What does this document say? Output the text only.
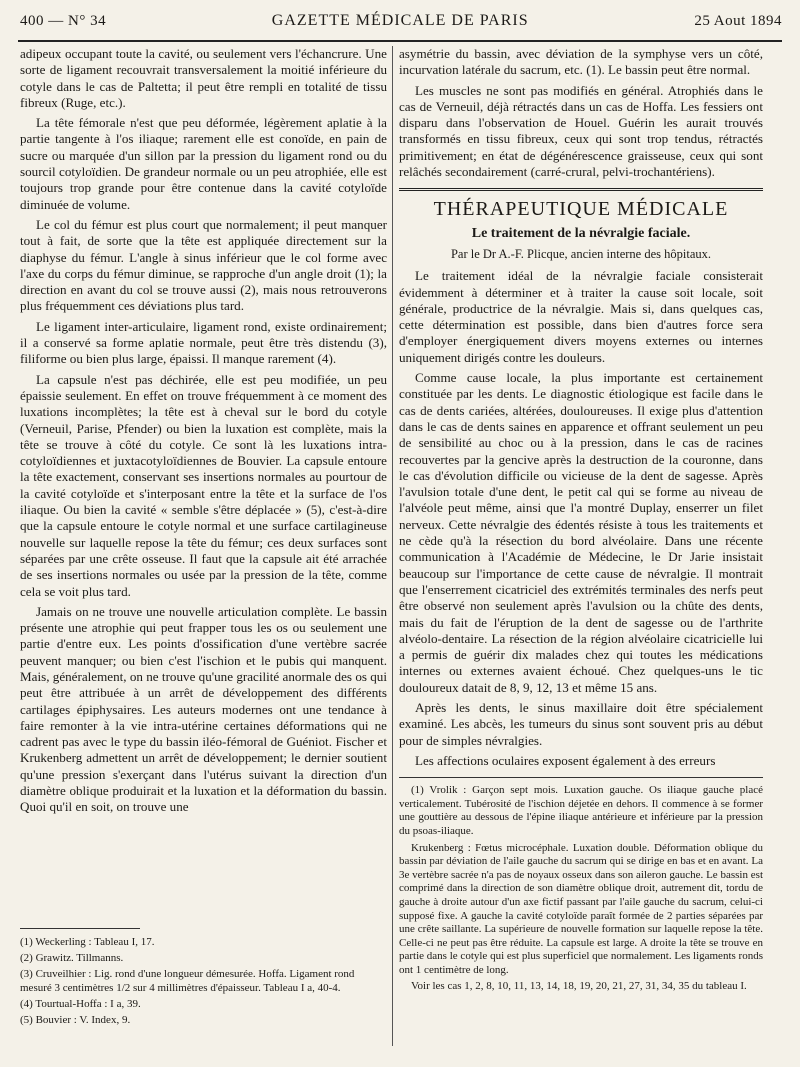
400 — N° 34	GAZETTE MÉDICALE DE PARIS	25 Aout 1894

adipeux occupant toute la cavité, ou seulement vers l'échancrure. Une sorte de ligament recouvrait transversalement la moitié inférieure du cotyle dans le cas de Paltetta; il peut être rempli en totalité de tissu fibreux (Ruge, etc.).

La tête fémorale n'est que peu déformée, légèrement aplatie à la partie tangente à l'os iliaque; rarement elle est conoïde, en pain de sucre ou marquée d'un sillon par la pression du ligament rond ou du sourcil cotyloïdien. De grandeur normale ou un peu atrophiée, elle est toujours trop grande pour être contenue dans la cavité cotyloïde diminuée de volume.

Le col du fémur est plus court que normalement; il peut manquer tout à fait, de sorte que la tête est appliquée directement sur la diaphyse du fémur. L'angle à sinus inférieur que le col forme avec l'axe du corps du fémur diminue, se rapproche d'un angle droit (1); la direction en avant du col se trouve aussi (2), mais nous retrouverons plus fréquemment ces déviations plus tard.

Le ligament inter-articulaire, ligament rond, existe ordinairement; il a conservé sa forme aplatie normale, peut être très distendu (3), filiforme ou bien plus large, épaissi. Il manque rarement (4).

La capsule n'est pas déchirée, elle est peu modifiée, un peu épaissie seulement. En effet on trouve fréquemment à ce moment des luxations incomplètes; la tête est à cheval sur le bord du cotyle (Verneuil, Parise, Pfender) ou bien la luxation est complète, mais la tête se trouve à côté du cotyle. Ce sont là les luxations intra-cotyloïdiennes et juxtacotyloïdiennes de Bouvier. La capsule entoure la tête exactement, conservant ses insertions normales au pourtour de la cavité cotyloïde et s'interposant entre la tête et la surface de l'os iliaque. Ou bien la cavité « semble s'être déplacée » (5), c'est-à-dire que la capsule entoure le cotyle normal et une surface cartilagineuse nouvelle sur laquelle repose la tête du fémur; ces deux surfaces sont séparées par une crête osseuse. Il faut que la capsule ait été arrachée de ses insertions normales ou usée par la pression de la tête, comme cela se voit plus tard.

Jamais on ne trouve une nouvelle articulation complète. Le bassin présente une atrophie qui peut frapper tous les os ou seulement une partie d'entre eux. Les points d'ossification d'une vertèbre sacrée peuvent manquer; ou bien c'est l'ischion et le pubis qui manquent. Mais, généralement, on ne trouve qu'une gracilité anormale des os qui peut être attribuée à un arrêt de développement des différents cartilages épiphysaires. Les auteurs modernes ont une tendance à faire remonter à la vie intra-utérine certaines déformations qui ne cadrent pas avec le type du bassin iléo-fémoral de Guéniot. Fischer et Krukenberg admettent un arrêt de développement; le dernier soutient qu'une pression s'exerçant dans l'utérus suivant la direction d'un diamètre oblique produirait et la luxation et la déformation du bassin. Quoi qu'il en soit, on trouve une

(1) Weckerling : Tableau I, 17.
(2) Grawitz. Tillmanns.
(3) Cruveilhier : Lig. rond d'une longueur démesurée. Hoffa. Ligament rond mesuré 3 centimètres 1/2 sur 4 millimètres d'épaisseur. Tableau I a, 40-4.
(4) Tourtual-Hoffa : I a, 39.
(5) Bouvier : V. Index, 9.

asymétrie du bassin, avec déviation de la symphyse vers un côté, incurvation latérale du sacrum, etc. (1). Le bassin peut être normal.

Les muscles ne sont pas modifiés en général. Atrophiés dans le cas de Verneuil, déjà rétractés dans un cas de Hoffa. Les fessiers ont disparu dans l'observation de Houel. Guérin les aurait trouvés transformés en tissu fibreux, ceux qui sont trop tendus, rétractés primitivement; en état de dégénérescence graisseuse, ceux qui sont relâchés secondairement (carré-crural, pelvi-trochantériens).

THÉRAPEUTIQUE MÉDICALE
Le traitement de la névralgie faciale.
Par le Dr A.-F. Plicque, ancien interne des hôpitaux.

Le traitement idéal de la névralgie faciale consisterait évidemment à déterminer et à traiter la cause soit locale, soit générale, productrice de la névralgie. Mais si, dans quelques cas, cette détermination est possible, dans bien d'autres force sera d'employer énergiquement divers moyens externes ou internes uniquement dirigés contre les douleurs.

Comme cause locale, la plus importante est certainement constituée par les dents. Le diagnostic étiologique est facile dans le cas de dents cariées, altérées, douloureuses. Il exige plus d'attention dans le cas de dents saines en apparence et offrant seulement un peu de sensibilité au choc ou à la pression, dans le cas de racines recouvertes par la gencive après la destruction de la couronne, dans le cas d'évolution difficile ou vicieuse de la dent de sagesse. Après l'avulsion totale d'une dent, le petit cal qui se forme au niveau de l'alvéole peut même, ainsi que l'a montré Duplay, enserrer un filet nerveux. Cette névralgie des édentés résiste à tous les traitements et ne cède qu'à la résection du bord alvéolaire. Dans une récente communication à l'Académie de Médecine, le Dr Jarie insistait beaucoup sur l'importance de cette cause de névralgie. Il montrait que l'enserrement cicatriciel des extrémités terminales des nerfs peut être observé non seulement après l'avulsion ou la chûte des dents, mais du fait de l'éruption de la dent de sagesse ou de l'arthrite alvéolo-dentaire. La résection de la région alvéolaire cicatricielle lui a permis de guérir dix malades chez qui toutes les médications internes ou externes avaient échoué. Chez quelques-uns le tic douloureux datait de 8, 9, 12, 13 et même 15 ans.

Après les dents, le sinus maxillaire doit être spécialement examiné. Les abcès, les tumeurs du sinus sont souvent pris au début pour de simples névralgies.

Les affections oculaires exposent également à des erreurs

(1) Vrolik : Garçon sept mois. Luxation gauche. Os iliaque gauche placé verticalement. Tubérosité de l'ischion déjetée en dehors. Il commence à se former une gouttière au dessous de l'épine iliaque antérieure et inférieure par la pression du psoas-iliaque.

Krukenberg : Fœtus microcéphale. Luxation double. Déformation oblique du bassin par déviation de l'aile gauche du sacrum qui se dirige en bas et en avant. La 3e vertèbre sacrée n'a pas de noyaux osseux dans son aileron gauche. Le bassin est comprimé dans la direction de son diamètre oblique droit, autrement dit, tordu de gauche à droite autour d'un axe fictif passant par l'aile gauche du sacrum, celui-ci supposé fixe. A gauche la cavité cotyloïde paraît formée de 2 parties séparées par une crête saillante. La supérieure de nouvelle formation sur laquelle repose la tête. Celle-ci ne peut pas être réduite. La capsule est large. A droite la tête se trouve en partie dans le cotyle qui est plus superficiel que normalement. Les ligaments ronds ont 1 centimètre de long.

Voir les cas 1, 2, 8, 10, 11, 13, 14, 18, 19, 20, 21, 27, 31, 34, 35 du tableau I.
